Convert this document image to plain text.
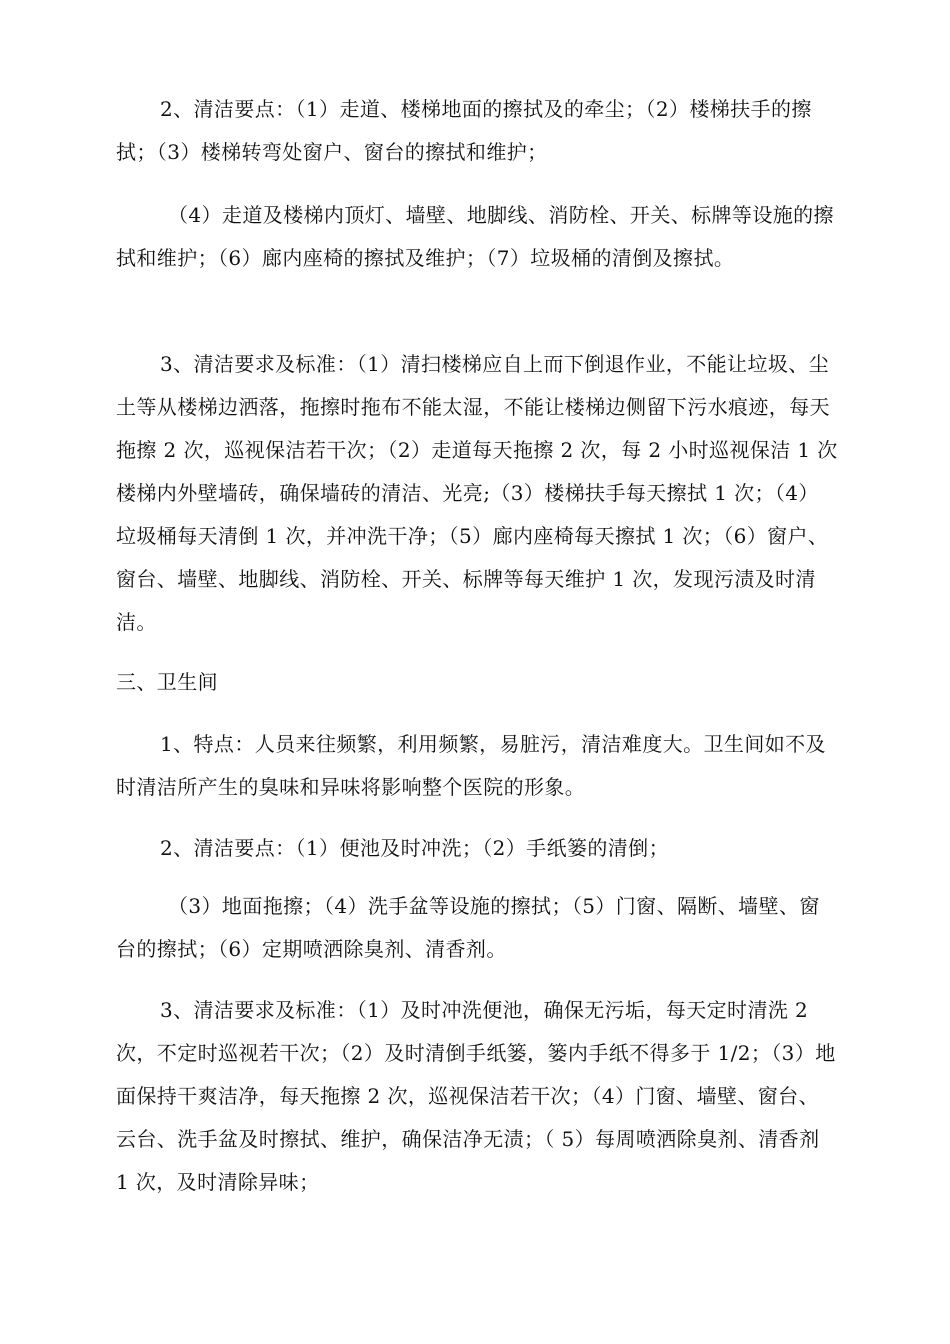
2、清洁要点：（1）走道、楼梯地面的擦拭及的牵尘；（2）楼梯扶手的擦拭；（3）楼梯转弯处窗户、窗台的擦拭和维护；

（4）走道及楼梯内顶灯、墙壁、地脚线、消防栓、开关、标牌等设施的擦拭和维护；（6）廊内座椅的擦拭及维护；（7）垃圾桶的清倒及擦拭。

3、清洁要求及标准：（1）清扫楼梯应自上而下倒退作业，不能让垃圾、尘土等从楼梯边洒落，拖擦时拖布不能太湿，不能让楼梯边侧留下污水痕迹，每天拖擦 2 次，巡视保洁若干次；（2）走道每天拖擦 2 次，每 2 小时巡视保洁 1 次楼梯内外壁墙砖，确保墙砖的清洁、光亮;（3）楼梯扶手每天擦拭 1 次；（4）垃圾桶每天清倒 1 次，并冲洗干净；（5）廊内座椅每天擦拭 1 次；（6）窗户、窗台、墙壁、地脚线、消防栓、开关、标牌等每天维护 1 次，发现污渍及时清洁。

三、卫生间

1、特点：人员来往频繁，利用频繁，易脏污，清洁难度大。卫生间如不及时清洁所产生的臭味和异味将影响整个医院的形象。

2、清洁要点：（1）便池及时冲洗；（2）手纸篓的清倒；

（3）地面拖擦；（4）洗手盆等设施的擦拭；（5）门窗、隔断、墙壁、窗台的擦拭；（6）定期喷洒除臭剂、清香剂。

3、清洁要求及标准：（1）及时冲洗便池，确保无污垢，每天定时清洗 2 次，不定时巡视若干次；（2）及时清倒手纸篓，篓内手纸不得多于 1/2；（3）地面保持干爽洁净，每天拖擦 2 次，巡视保洁若干次；（4）门窗、墙壁、窗台、云台、洗手盆及时擦拭、维护，确保洁净无渍；（ 5）每周喷洒除臭剂、清香剂 1 次，及时清除异味；
